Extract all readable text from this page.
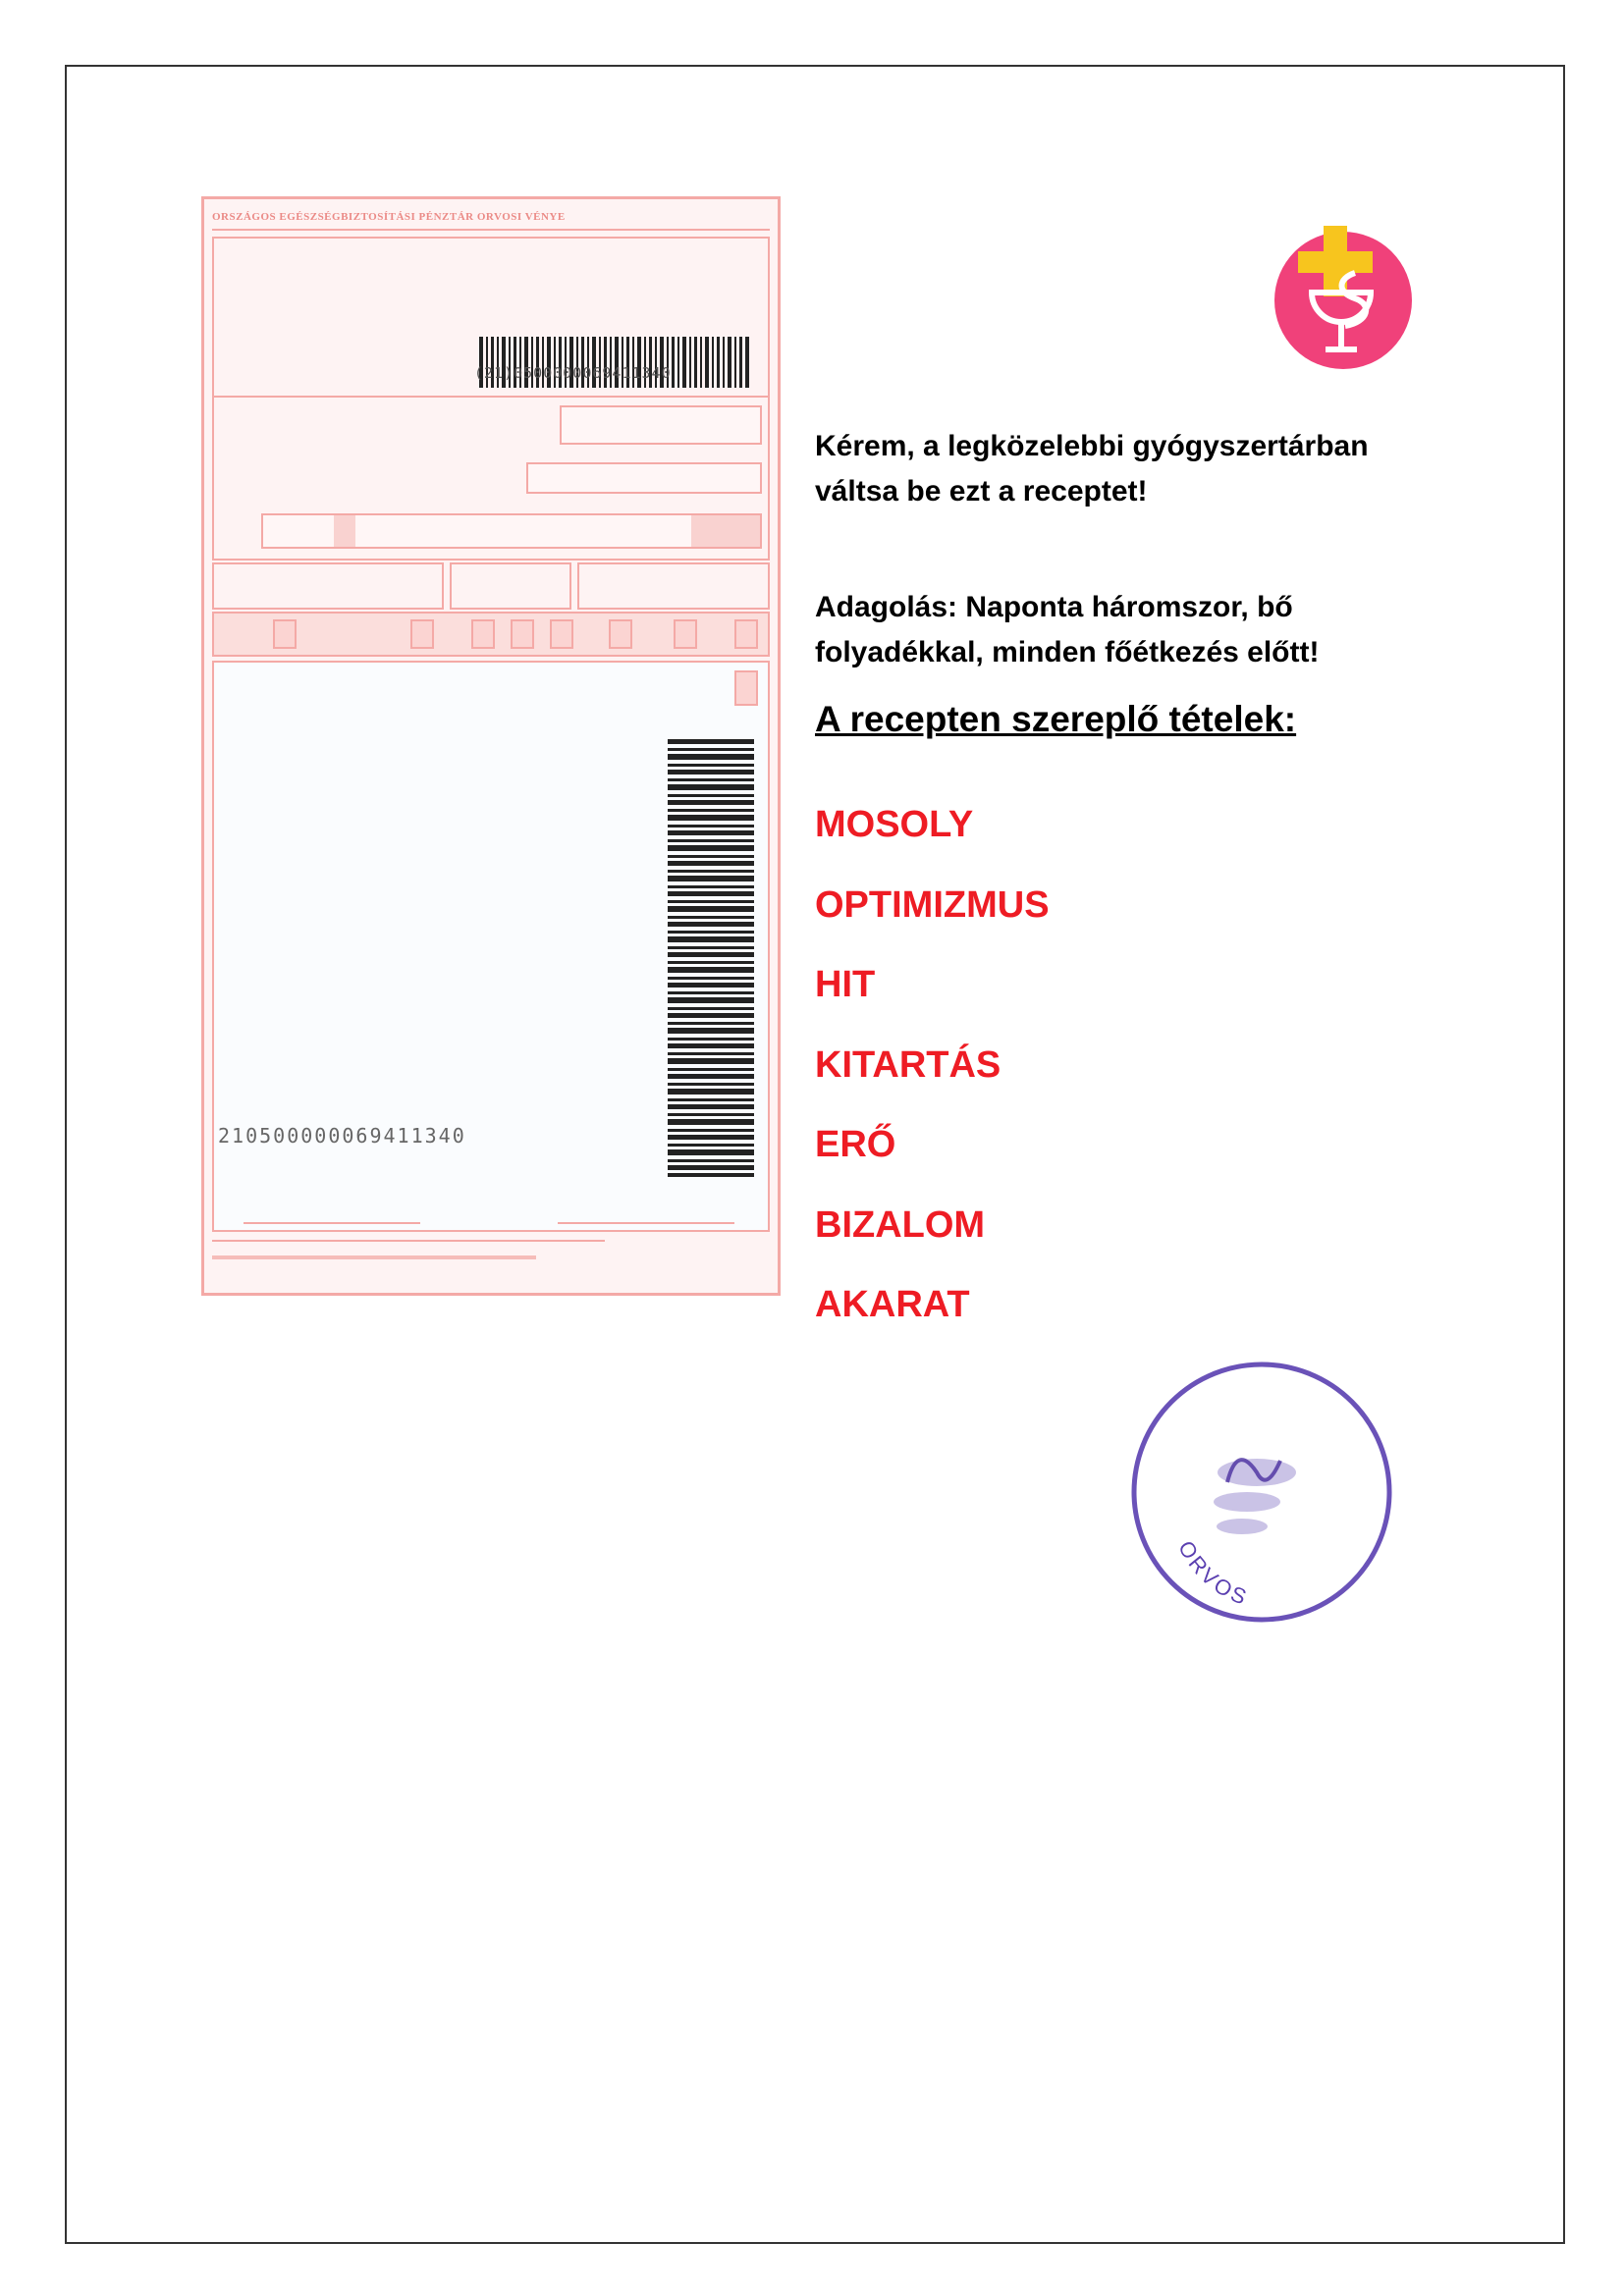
ORSZÁGOS EGÉSZSÉGBIZTOSÍTÁSI PÉNZTÁR ORVOSI VÉNYE
(21)0500000069411340
210500000069411340

Kérem, a legközelebbi gyógyszertárban váltsa be ezt a receptet!

Adagolás: Naponta háromszor, bő folyadékkal, minden főétkezés előtt!

A recepten szereplő tételek:
MOSOLY
OPTIMIZMUS
HIT
KITARTÁS
ERŐ
BIZALOM
AKARAT
ORVOS
